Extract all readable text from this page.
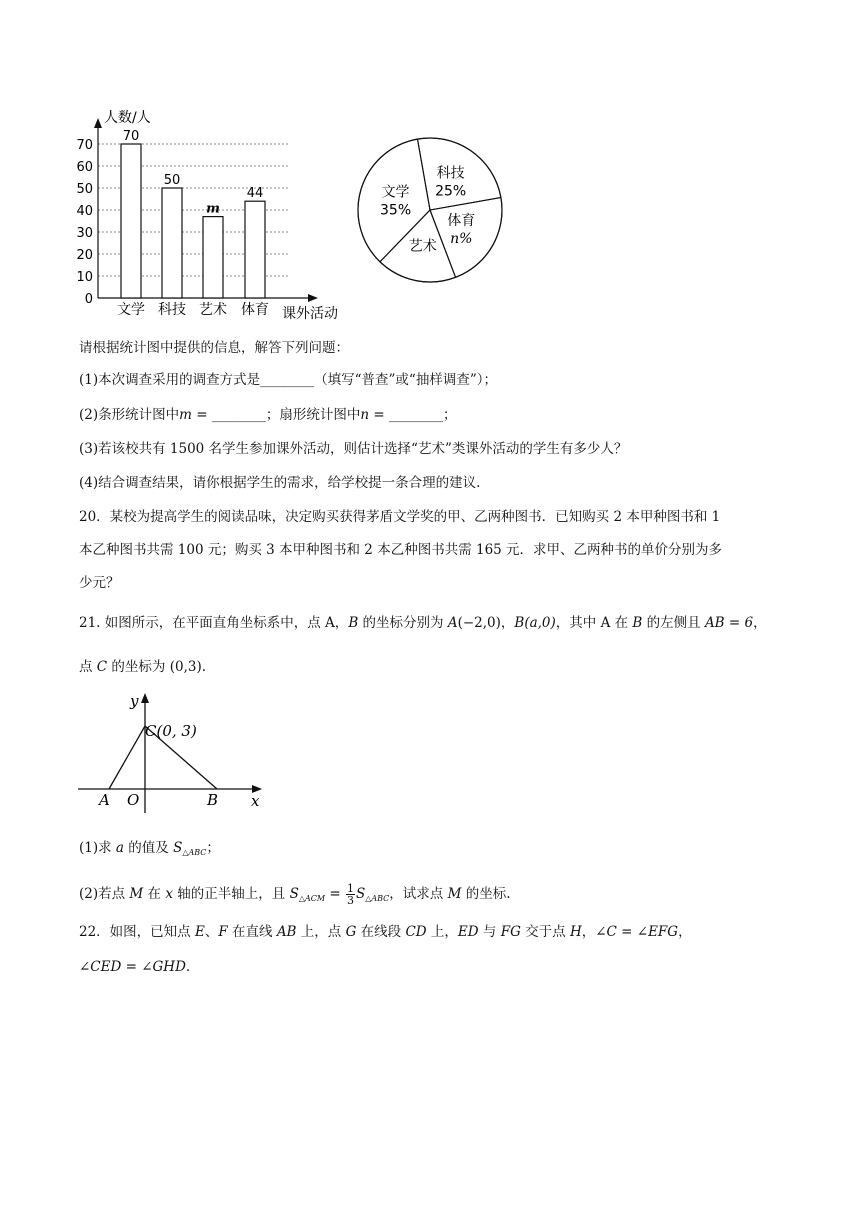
0
10
20
30
40
50
60
70
人数/人
课外活动
70
文学
50
科技
m
艺术
44
体育
科技
25%
体育
n%
艺术
文学
35%
请根据统计图中提供的信息，解答下列问题：
(1)本次调查采用的调查方式是________（填写“普查”或“抽样调查”）；
(2)条形统计图中m = ________；扇形统计图中n = ________；
(3)若该校共有 1500 名学生参加课外活动，则估计选择“艺术”类课外活动的学生有多少人？
(4)结合调查结果，请你根据学生的需求，给学校提一条合理的建议.
20．某校为提高学生的阅读品味，决定购买获得茅盾文学奖的甲、乙两种图书．已知购买 2 本甲种图书和 1
本乙种图书共需 100 元；购买 3 本甲种图书和 2 本乙种图书共需 165 元．求甲、乙两种书的单价分别为多
少元？
21. 如图所示，在平面直角坐标系中，点 A，B 的坐标分别为 A(−2,0)，B(a,0)，其中 A 在 B 的左侧且 AB = 6，
点 C 的坐标为 (0,3).
y
x
C(0, 3)
A O	B
(1)求 a 的值及 $S_{\triangle ABC}$；
(2)若点 M 在 x 轴的正半轴上，且 $S_{\triangle ACM} = \frac{1}{3} S_{\triangle ABC}$，试求点 M 的坐标.
22．如图，已知点 E、F 在直线 AB 上，点 G 在线段 CD 上，ED 与 FG 交于点 H，∠C = ∠EFG，
∠CED = ∠GHD.
